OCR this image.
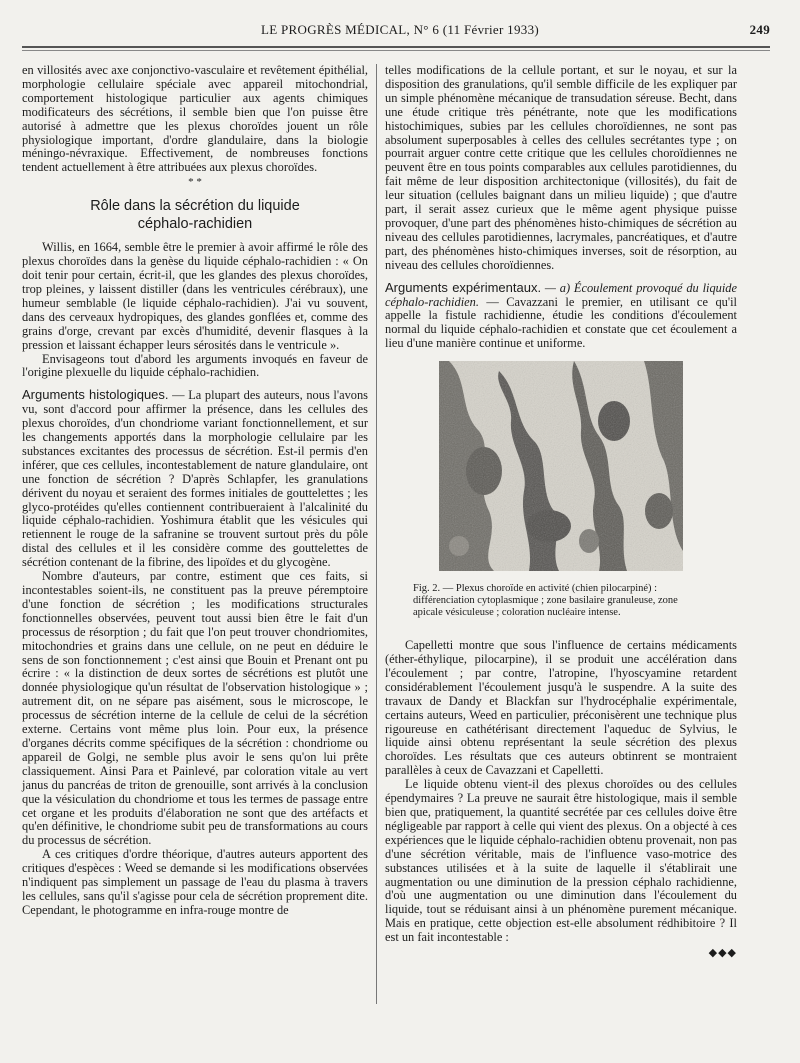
LE PROGRÈS MÉDICAL, N° 6 (11 Février 1933)	249

en villosités avec axe conjonctivo-vasculaire et revêtement épithélial, morphologie cellulaire spéciale avec appareil mitochondrial, comportement histologique particulier aux agents chimiques modificateurs des sécrétions, il semble bien que l'on puisse être autorisé à admettre que les plexus choroïdes jouent un rôle physiologique important, d'ordre glandulaire, dans la biologie méningo-névraxique. Effectivement, de nombreuses fonctions tendent actuellement à être attribuées aux plexus choroïdes.

* *
Rôle dans la sécrétion du liquide
céphalo-rachidien

Willis, en 1664, semble être le premier à avoir affirmé le rôle des plexus choroïdes dans la genèse du liquide céphalo-rachidien : « On doit tenir pour certain, écrit-il, que les glandes des plexus choroïdes, trop pleines, y laissent distiller (dans les ventricules cérébraux), une humeur semblable (le liquide céphalo-rachidien). J'ai vu souvent, dans des cerveaux hydropiques, des glandes gonflées et, comme des grains d'orge, crevant par excès d'humidité, devenir flasques à la pression et laissant échapper leurs sérosités dans le ventricule ».

Envisageons tout d'abord les arguments invoqués en faveur de l'origine plexuelle du liquide céphalo-rachidien.

Arguments histologiques. — La plupart des auteurs, nous l'avons vu, sont d'accord pour affirmer la présence, dans les cellules des plexus choroïdes, d'un chondriome variant fonctionnellement, et sur les changements apportés dans la morphologie cellulaire par les substances excitantes des processus de sécrétion. Est-il permis d'en inférer, que ces cellules, incontestablement de nature glandulaire, ont une fonction de sécrétion ? D'après Schlapfer, les granulations dérivent du noyau et seraient des formes initiales de gouttelettes ; les glyco-protéides qu'elles contiennent contribueraient à l'alcalinité du liquide céphalo-rachidien. Yoshimura établit que les vésicules qui retiennent le rouge de la safranine se trouvent surtout près du pôle distal des cellules et il les considère comme des gouttelettes de sécrétion contenant de la fibrine, des lipoïdes et du glycogène.

Nombre d'auteurs, par contre, estiment que ces faits, si incontestables soient-ils, ne constituent pas la preuve péremptoire d'une fonction de sécrétion ; les modifications structurales fonctionnelles observées, peuvent tout aussi bien être le fait d'un processus de résorption ; du fait que l'on peut trouver chondriomites, mitochondries et grains dans une cellule, on ne peut en déduire le sens de son fonctionnement ; c'est ainsi que Bouin et Prenant ont pu écrire : « la distinction de deux sortes de sécrétions est plutôt une donnée physiologique qu'un résultat de l'observation histologique » ; autrement dit, on ne sépare pas aisément, sous le microscope, le processus de sécrétion interne de la cellule de celui de la sécrétion externe. Certains vont même plus loin. Pour eux, la présence d'organes décrits comme spécifiques de la sécrétion : chondriome ou appareil de Golgi, ne semble plus avoir le sens qu'on lui prête classiquement. Ainsi Para et Painlevé, par coloration vitale au vert janus du pancréas de triton de grenouille, sont arrivés à la conclusion que la vésiculation du chondriome et tous les termes de passage entre cet organe et les produits d'élaboration ne sont que des artéfacts et qu'en définitive, le chondriome subit peu de transformations au cours du processus de sécrétion.

A ces critiques d'ordre théorique, d'autres auteurs apportent des critiques d'espèces : Weed se demande si les modifications observées n'indiquent pas simplement un passage de l'eau du plasma à travers les cellules, sans qu'il s'agisse pour cela de sécrétion proprement dite. Cependant, le photogramme en infra-rouge montre de

telles modifications de la cellule portant, et sur le noyau, et sur la disposition des granulations, qu'il semble difficile de les expliquer par un simple phénomène mécanique de transudation séreuse. Becht, dans une étude critique très pénétrante, note que les modifications histochimiques, subies par les cellules choroïdiennes, ne sont pas absolument superposables à celles des cellules secrétantes type ; on pourrait arguer contre cette critique que les cellules choroïdiennes ne peuvent être en tous points comparables aux cellules parotidiennes, du fait même de leur disposition architectonique (villosités), du fait de leur situation (cellules baignant dans un milieu liquide) ; que d'autre part, il serait assez curieux que le même agent physique puisse provoquer, d'une part des phénomènes histo-chimiques de sécrétion au niveau des cellules parotidiennes, lacrymales, pancréatiques, et d'autre part, des phénomènes histo-chimiques inverses, soit de résorption, au niveau des cellules choroïdiennes.

Arguments expérimentaux. — a) Écoulement provoqué du liquide céphalo-rachidien. — Cavazzani le premier, en utilisant ce qu'il appelle la fistule rachidienne, étudie les conditions d'écoulement normal du liquide céphalo-rachidien et constate que cet écoulement a lieu d'une manière continue et uniforme.

Fig. 2. — Plexus choroïde en activité (chien pilocarpiné) : différenciation cytoplasmique ; zone basilaire granuleuse, zone apicale vésiculeuse ; coloration nucléaire intense.

Capelletti montre que sous l'influence de certains médicaments (éther-éthylique, pilocarpine), il se produit une accélération dans l'écoulement ; par contre, l'atropine, l'hyoscyamine retardent considérablement l'écoulement jusqu'à le suspendre. A la suite des travaux de Dandy et Blackfan sur l'hydrocéphalie expérimentale, certains auteurs, Weed en particulier, préconisèrent une technique plus rigoureuse en cathétérisant directement l'aqueduc de Sylvius, le liquide ainsi obtenu représentant la seule sécrétion des plexus choroïdes. Les résultats que ces auteurs obtinrent se montraient parallèles à ceux de Cavazzani et Capelletti.

Le liquide obtenu vient-il des plexus choroïdes ou des cellules épendymaires ? La preuve ne saurait être histologique, mais il semble bien que, pratiquement, la quantité secrétée par ces cellules doive être négligeable par rapport à celle qui vient des plexus. On a objecté à ces expériences que le liquide céphalo-rachidien obtenu provenait, non pas d'une sécrétion véritable, mais de l'influence vaso-motrice des substances utilisées et à la suite de laquelle il s'établirait une augmentation ou une diminution de la pression céphalo rachidienne, d'où une augmentation ou une diminution dans l'écoulement du liquide, tout se réduisant ainsi à un phénomène purement mécanique. Mais en pratique, cette objection est-elle absolument rédhibitoire ? Il est un fait incontestable :

◆◆◆
